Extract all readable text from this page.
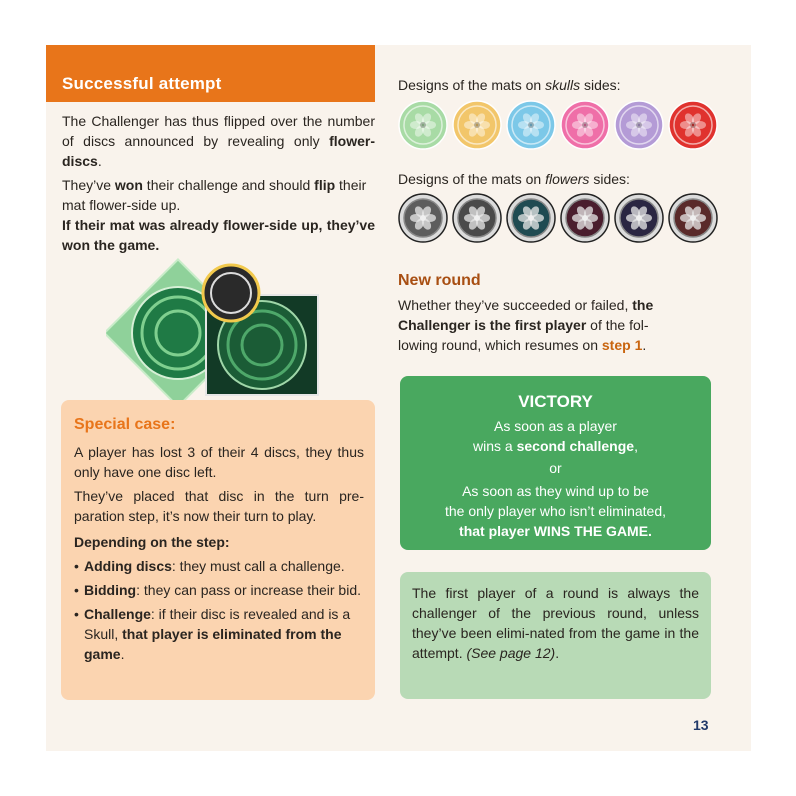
Successful attempt

The Challenger has thus flipped over the number of discs announced by revealing only flower-discs.

They’ve won their challenge and should flip their mat flower-side up.

If their mat was already flower-side up, they’ve won the game.

Special case:

A player has lost 3 of their 4 discs, they thus only have one disc left.

They’ve placed that disc in the turn pre-paration step, it’s now their turn to play.

Depending on the step:

• Adding discs: they must call a challenge.
• Bidding: they can pass or increase their bid.
• Challenge: if their disc is revealed and is a Skull, that player is eliminated from the game.

Designs of the mats on skulls sides:

Designs of the mats on flowers sides:

New round

Whether they’ve succeeded or failed, the Challenger is the first player of the fol-lowing round, which resumes on step 1.

VICTORY
As soon as a player
wins a second challenge,
or
As soon as they wind up to be
the only player who isn’t eliminated,
that player WINS THE GAME.

The first player of a round is always the challenger of the previous round, unless they’ve been elimi-nated from the game in the attempt. (See page 12).

13
